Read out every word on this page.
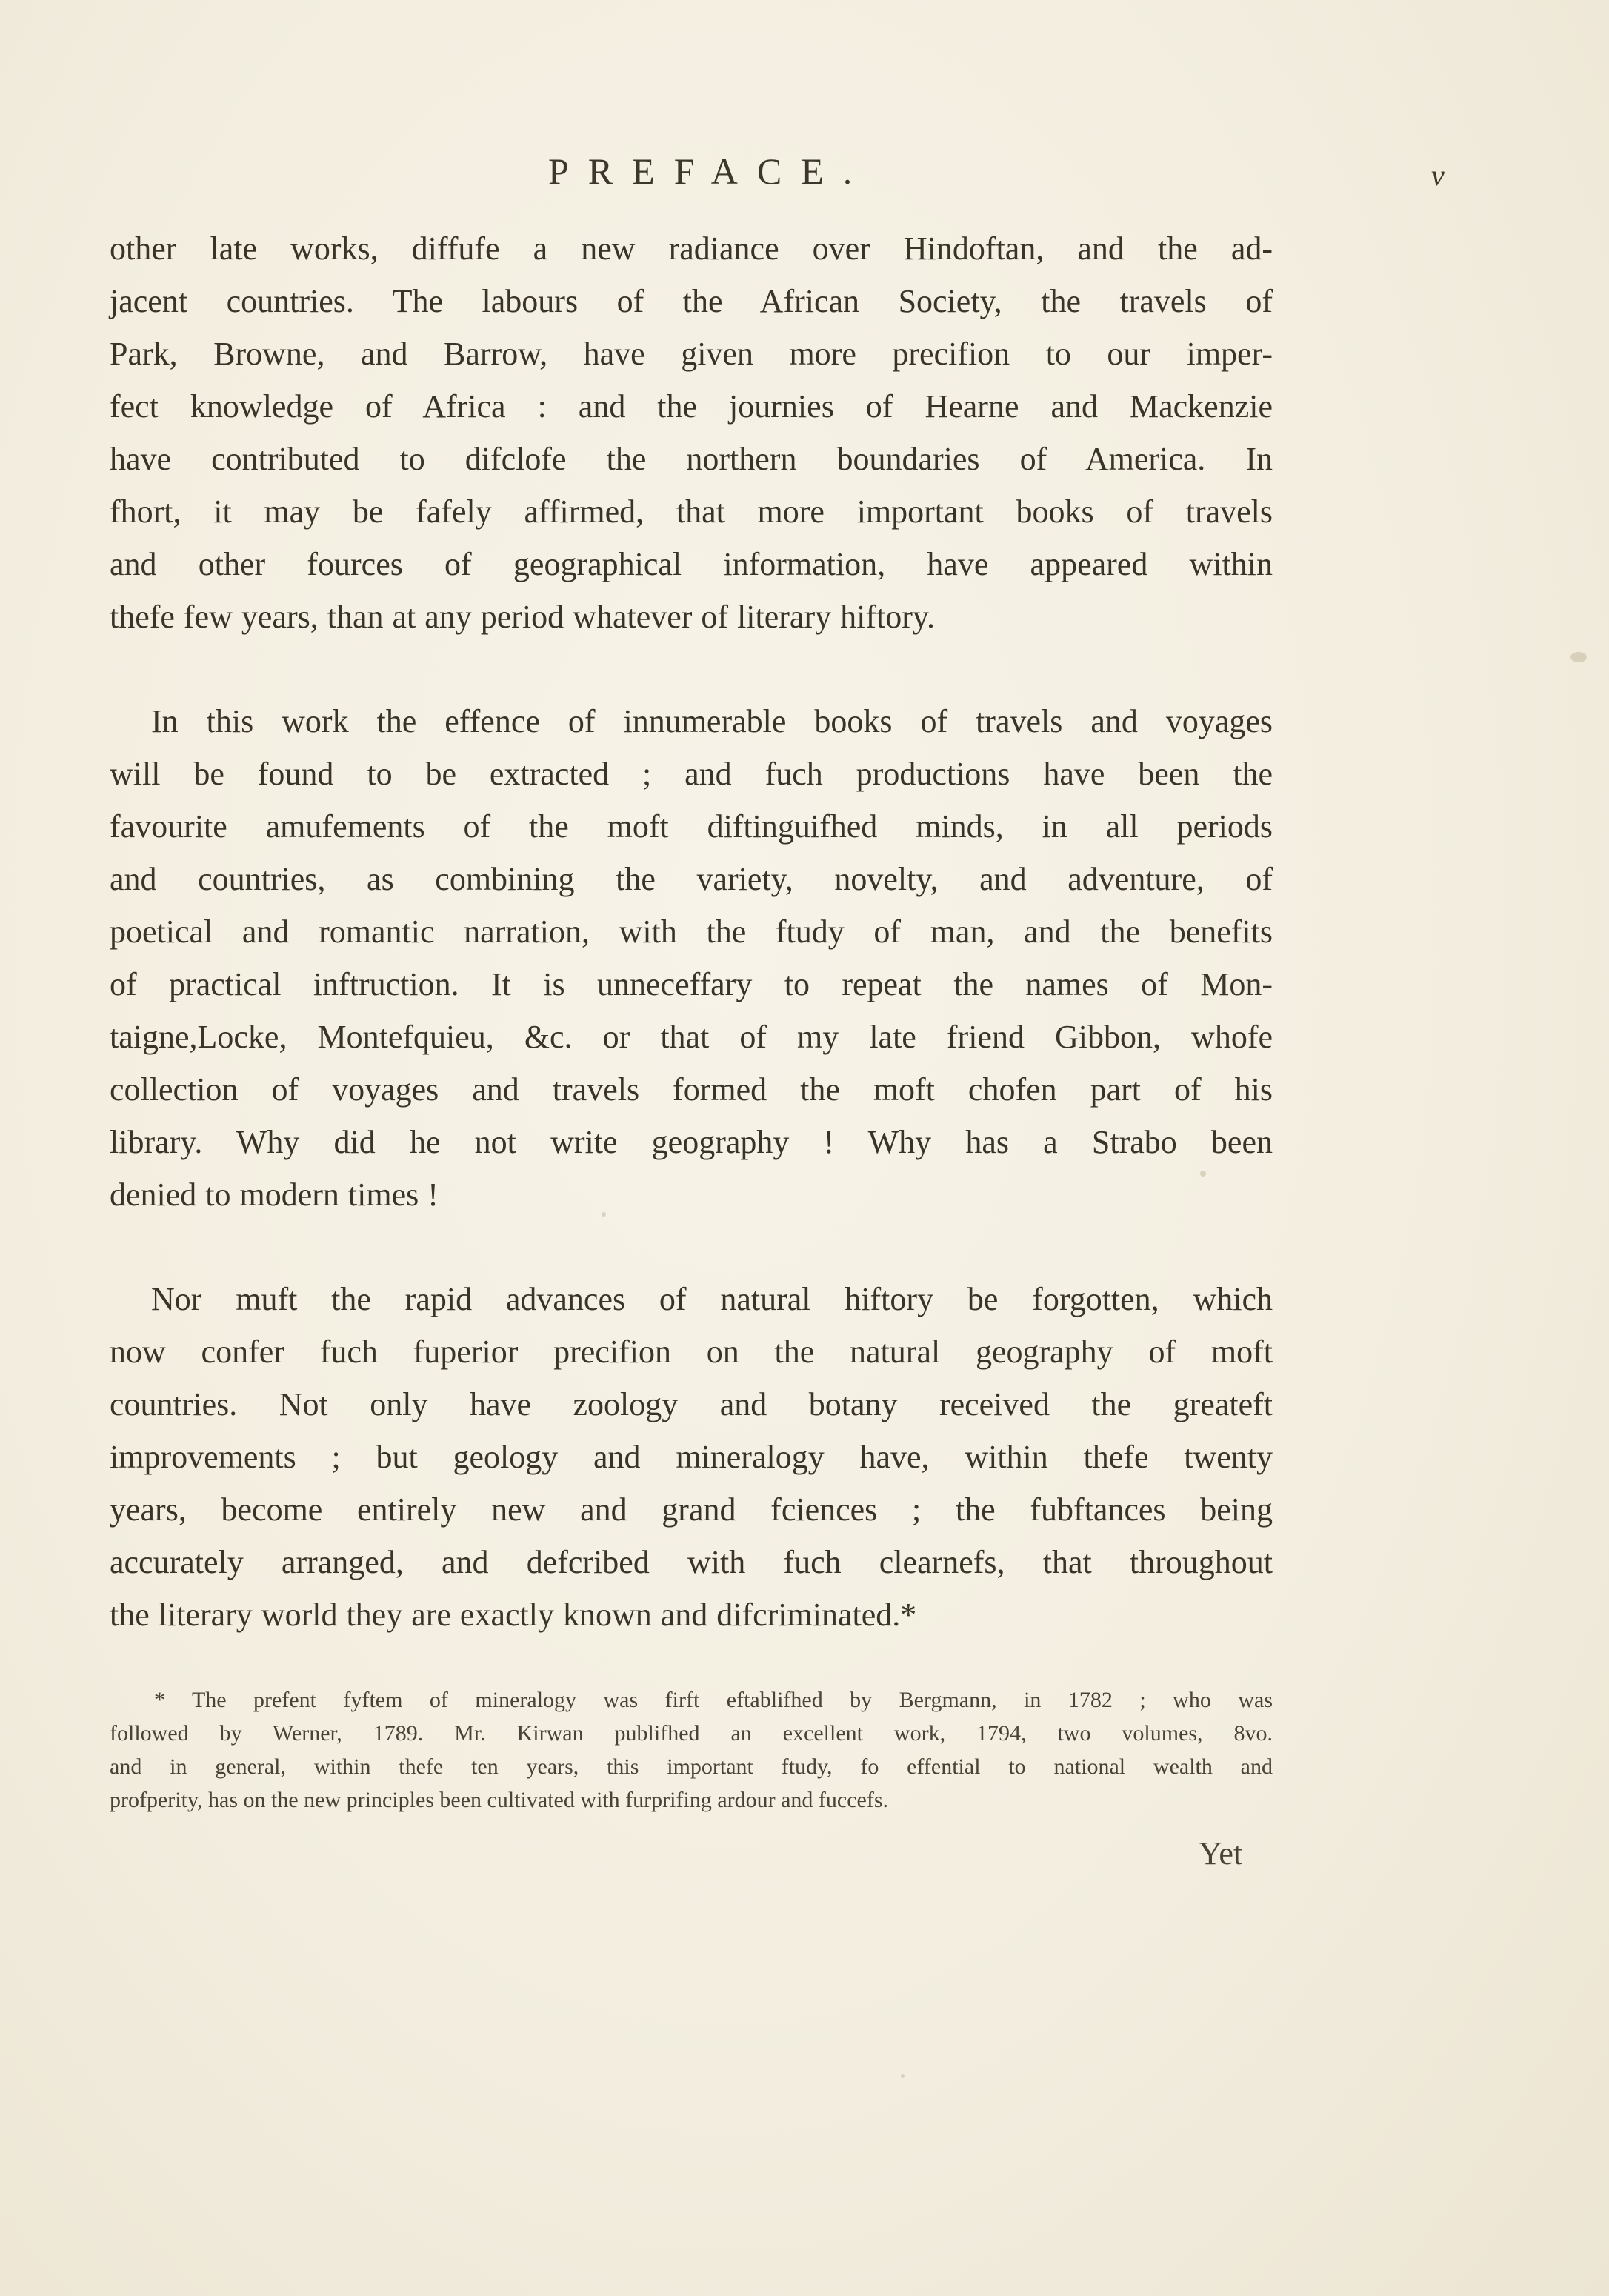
PREFACE.	v
other late works, diffufe a new radiance over Hindoftan, and the ad-
jacent countries. The labours of the African Society, the travels of
Park, Browne, and Barrow, have given more precifion to our imper-
fect knowledge of Africa : and the journies of Hearne and Mackenzie
have contributed to difclofe the northern boundaries of America. In
fhort, it may be fafely affirmed, that more important books of travels
and other fources of geographical information, have appeared within
thefe few years, than at any period whatever of literary hiftory.
In this work the effence of innumerable books of travels and voyages
will be found to be extracted ; and fuch productions have been the
favourite amufements of the moft diftinguifhed minds, in all periods
and countries, as combining the variety, novelty, and adventure, of
poetical and romantic narration, with the ftudy of man, and the benefits
of practical inftruction. It is unneceffary to repeat the names of Mon-
taigne,Locke, Montefquieu, &c. or that of my late friend Gibbon, whofe
collection of voyages and travels formed the moft chofen part of his
library. Why did he not write geography ! Why has a Strabo been
denied to modern times !
Nor muft the rapid advances of natural hiftory be forgotten, which
now confer fuch fuperior precifion on the natural geography of moft
countries. Not only have zoology and botany received the greateft
improvements ; but geology and mineralogy have, within thefe twenty
years, become entirely new and grand fciences ; the fubftances being
accurately arranged, and defcribed with fuch clearnefs, that throughout
the literary world they are exactly known and difcriminated.*
* The prefent fyftem of mineralogy was firft eftablifhed by Bergmann, in 1782 ; who was
followed by Werner, 1789. Mr. Kirwan publifhed an excellent work, 1794, two volumes, 8vo.
and in general, within thefe ten years, this important ftudy, fo effential to national wealth and
profperity, has on the new principles been cultivated with furprifing ardour and fuccefs.
Yet
